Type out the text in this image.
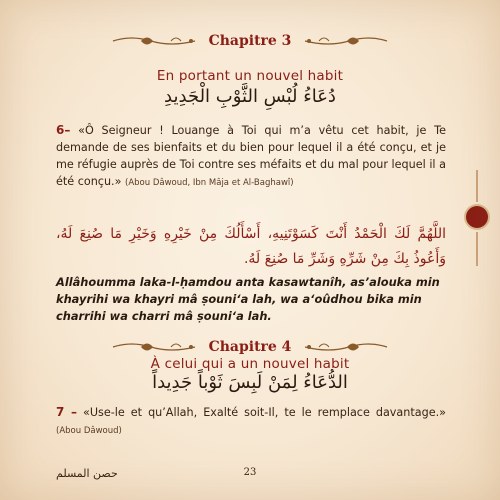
Chapitre 3
En portant un nouvel habit
دُعَاءُ لُبْسِ الثَّوْبِ الْجَدِيدِ
6– «Ô Seigneur ! Louange à Toi qui m’a vêtu cet habit, je Te demande de ses bienfaits et du bien pour lequel il a été conçu, et je me réfugie auprès de Toi contre ses méfaits et du mal pour lequel il a été conçu.» (Abou Dâwoud, Ibn Mâja et Al-Baghawî)
اللَّهُمَّ لَكَ الْحَمْدُ أَنْتَ كَسَوْتَنِيهِ، أَسْأَلُكَ مِنْ خَيْرِهِ وَخَيْرِ مَا صُنِعَ لَهُ، وَأَعُوذُ بِكَ مِنْ شَرِّهِ وَشَرِّ مَا صُنِعَ لَهُ.
Allâhoumma laka-l-ḥamdou anta kasawtanîh, as’alouka min khayrihi wa khayri mâ ṣouni‘a lah, wa a‘oûdhou bika min charrihi wa charri mâ ṣouni‘a lah.
Chapitre 4
À celui qui a un nouvel habit
الدُّعَاءُ لِمَنْ لَبِسَ ثَوْباً جَدِيداً
7 – «Use-le et qu’Allah, Exalté soit-Il, te le remplace davantage.» (Abou Dâwoud)
حصن المسلم	23
